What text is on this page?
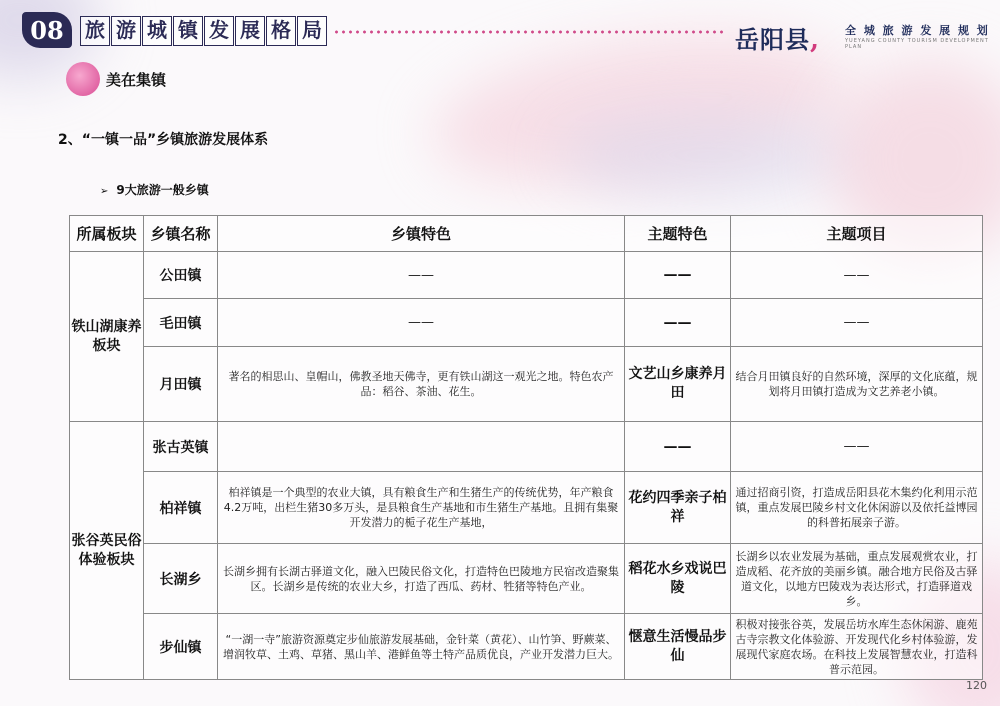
08	旅 游 城 镇 发 展 格 局	岳阳县, 全 城 旅 游 发 展 规 划
YUEYANG COUNTY TOURISM DEVELOPMENT PLAN
美在集镇
2、“一镇一品”乡镇旅游发展体系
➢ 9大旅游一般乡镇
所属板块	乡镇名称	乡镇特色	主题特色	主题项目
铁山湖康养板块	公田镇	——	——	——
	毛田镇	——	——	——
	月田镇	著名的相思山、皇帽山，佛教圣地天佛寺，更有铁山湖这一观光之地。特色农产品：稻谷、茶油、花生。	文艺山乡康养月田	结合月田镇良好的自然环境，深厚的文化底蕴，规划将月田镇打造成为文艺养老小镇。
张谷英民俗体验板块	张古英镇		——	——
	柏祥镇	柏祥镇是一个典型的农业大镇，具有粮食生产和生猪生产的传统优势，年产粮食4.2万吨，出栏生猪30多万头，是县粮食生产基地和市生猪生产基地。且拥有集聚开发潜力的栀子花生产基地，	花约四季亲子柏祥	通过招商引资，打造成岳阳县花木集约化利用示范镇，重点发展巴陵乡村文化休闲游以及依托益博园的科普拓展亲子游。
	长湖乡	长湖乡拥有长湖古驿道文化，融入巴陵民俗文化，打造特色巴陵地方民宿改造聚集区。长湖乡是传统的农业大乡，打造了西瓜、药材、牲猪等特色产业。	稻花水乡戏说巴陵	长湖乡以农业发展为基础，重点发展观赏农业，打造成稻、花齐放的美丽乡镇。融合地方民俗及古驿道文化，以地方巴陵戏为表达形式，打造驿道戏乡。
	步仙镇	“一湖一寺”旅游资源奠定步仙旅游发展基础，金针菜（黄花）、山竹笋、野蕨菜、增润牧草、土鸡、草猪、黑山羊、港鲜鱼等土特产品质优良，产业开发潜力巨大。	惬意生活慢品步仙	积极对接张谷英，发展岳坊水库生态休闲游、鹿苑古寺宗教文化体验游、开发现代化乡村体验游，发展现代家庭农场。在科技上发展智慧农业，打造科普示范园。
120
